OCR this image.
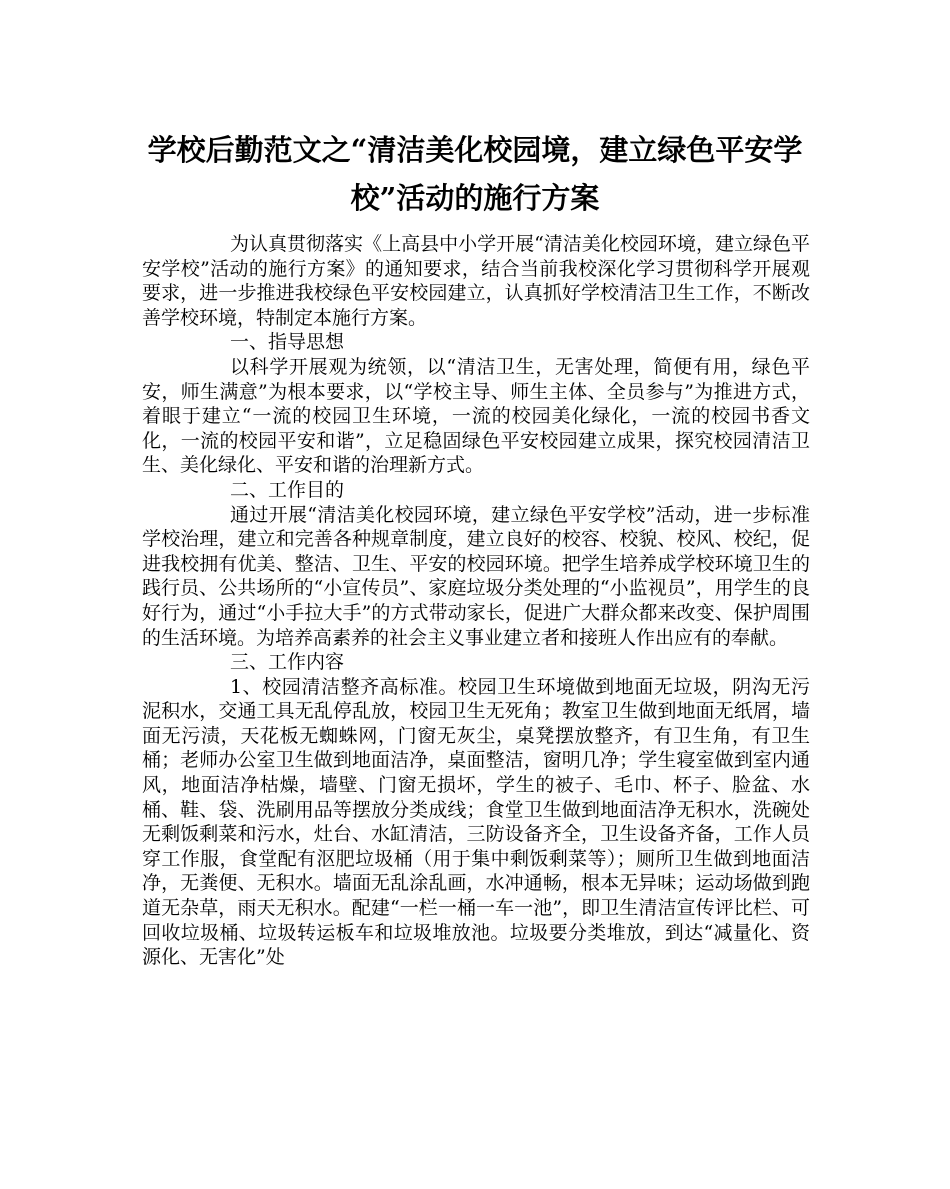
学校后勤范文之“清洁美化校园境，建立绿色平安学校”活动的施行方案

为认真贯彻落实《上高县中小学开展“清洁美化校园环境，建立绿色平安学校”活动的施行方案》的通知要求，结合当前我校深化学习贯彻科学开展观要求，进一步推进我校绿色平安校园建立，认真抓好学校清洁卫生工作，不断改善学校环境，特制定本施行方案。

一、指导思想

以科学开展观为统领，以“清洁卫生，无害处理，简便有用，绿色平安，师生满意”为根本要求，以“学校主导、师生主体、全员参与”为推进方式，着眼于建立“一流的校园卫生环境，一流的校园美化绿化，一流的校园书香文化，一流的校园平安和谐”，立足稳固绿色平安校园建立成果，探究校园清洁卫生、美化绿化、平安和谐的治理新方式。

二、工作目的

通过开展“清洁美化校园环境，建立绿色平安学校”活动，进一步标准学校治理，建立和完善各种规章制度，建立良好的校容、校貌、校风、校纪，促进我校拥有优美、整洁、卫生、平安的校园环境。把学生培养成学校环境卫生的践行员、公共场所的“小宣传员”、家庭垃圾分类处理的“小监视员”，用学生的良好行为，通过“小手拉大手”的方式带动家长，促进广大群众都来改变、保护周围的生活环境。为培养高素养的社会主义事业建立者和接班人作出应有的奉献。

三、工作内容

1、校园清洁整齐高标准。校园卫生环境做到地面无垃圾，阴沟无污泥积水，交通工具无乱停乱放，校园卫生无死角；教室卫生做到地面无纸屑，墙面无污渍，天花板无蜘蛛网，门窗无灰尘，桌凳摆放整齐，有卫生角，有卫生桶；老师办公室卫生做到地面洁净，桌面整洁，窗明几净；学生寝室做到室内通风，地面洁净枯燥，墙壁、门窗无损坏，学生的被子、毛巾、杯子、脸盆、水桶、鞋、袋、洗刷用品等摆放分类成线；食堂卫生做到地面洁净无积水，洗碗处无剩饭剩菜和污水，灶台、水缸清洁，三防设备齐全，卫生设备齐备，工作人员穿工作服，食堂配有沤肥垃圾桶（用于集中剩饭剩菜等）；厕所卫生做到地面洁净，无粪便、无积水。墙面无乱涂乱画，水冲通畅，根本无异味；运动场做到跑道无杂草，雨天无积水。配建“一栏一桶一车一池”，即卫生清洁宣传评比栏、可回收垃圾桶、垃圾转运板车和垃圾堆放池。垃圾要分类堆放，到达“减量化、资源化、无害化”处
